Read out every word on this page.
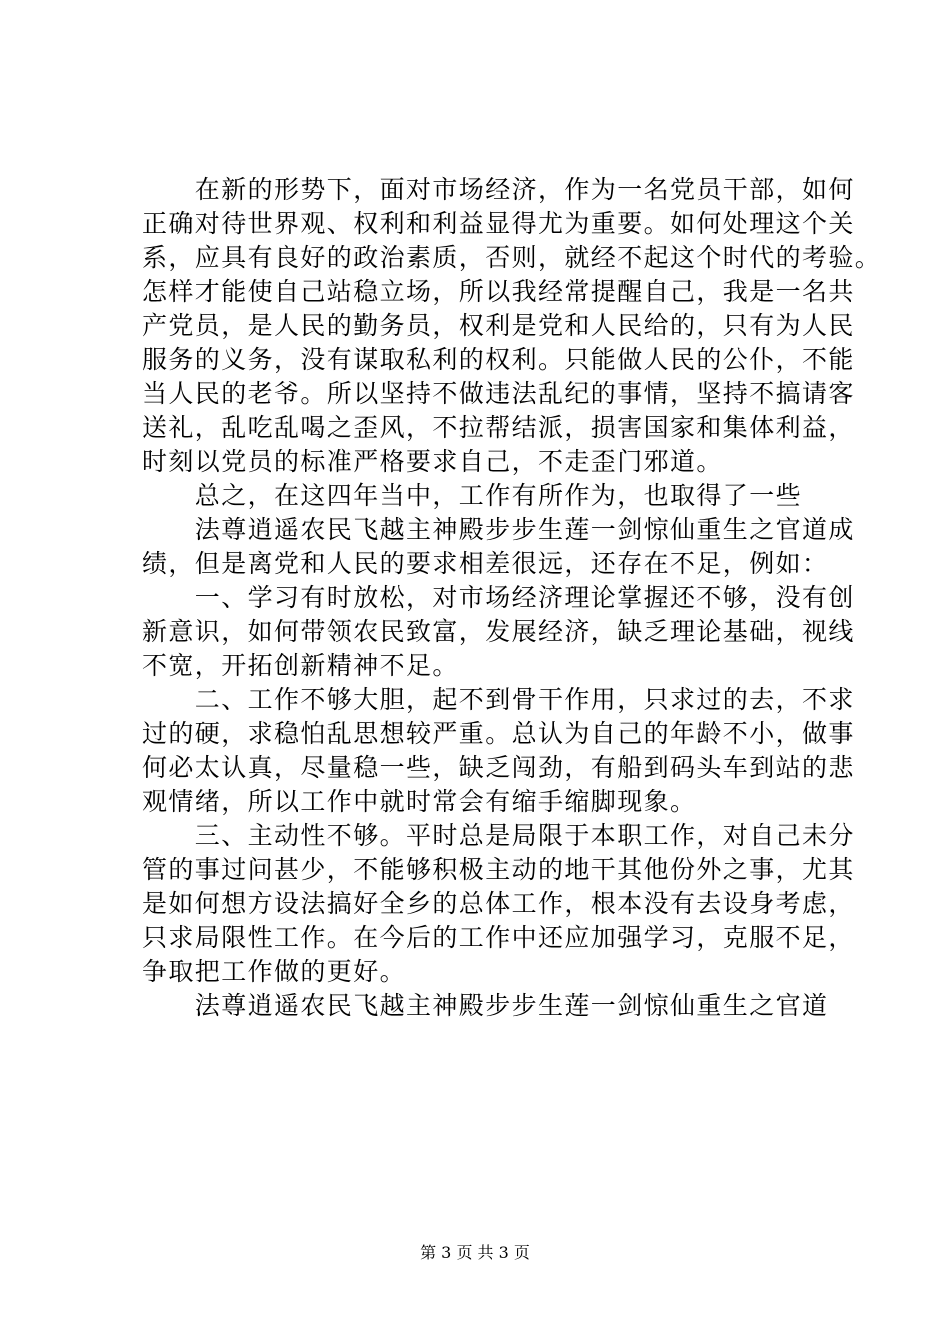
　　在新的形势下，面对市场经济，作为一名党员干部，如何
正确对待世界观、权利和利益显得尤为重要。如何处理这个关
系，应具有良好的政治素质，否则，就经不起这个时代的考验。
怎样才能使自己站稳立场，所以我经常提醒自己，我是一名共
产党员，是人民的勤务员，权利是党和人民给的，只有为人民
服务的义务，没有谋取私利的权利。只能做人民的公仆，不能
当人民的老爷。所以坚持不做违法乱纪的事情，坚持不搞请客
送礼，乱吃乱喝之歪风，不拉帮结派，损害国家和集体利益，
时刻以党员的标准严格要求自己，不走歪门邪道。
　　总之，在这四年当中，工作有所作为，也取得了一些
　　法尊逍遥农民飞越主神殿步步生莲一剑惊仙重生之官道成
绩，但是离党和人民的要求相差很远，还存在不足，例如：
　　一、学习有时放松，对市场经济理论掌握还不够，没有创
新意识，如何带领农民致富，发展经济，缺乏理论基础，视线
不宽，开拓创新精神不足。
　　二、工作不够大胆，起不到骨干作用，只求过的去，不求
过的硬，求稳怕乱思想较严重。总认为自己的年龄不小，做事
何必太认真，尽量稳一些，缺乏闯劲，有船到码头车到站的悲
观情绪，所以工作中就时常会有缩手缩脚现象。
　　三、主动性不够。平时总是局限于本职工作，对自己未分
管的事过问甚少，不能够积极主动的地干其他份外之事，尤其
是如何想方设法搞好全乡的总体工作，根本没有去设身考虑，
只求局限性工作。在今后的工作中还应加强学习，克服不足，
争取把工作做的更好。
　　法尊逍遥农民飞越主神殿步步生莲一剑惊仙重生之官道
第 3 页 共 3 页
